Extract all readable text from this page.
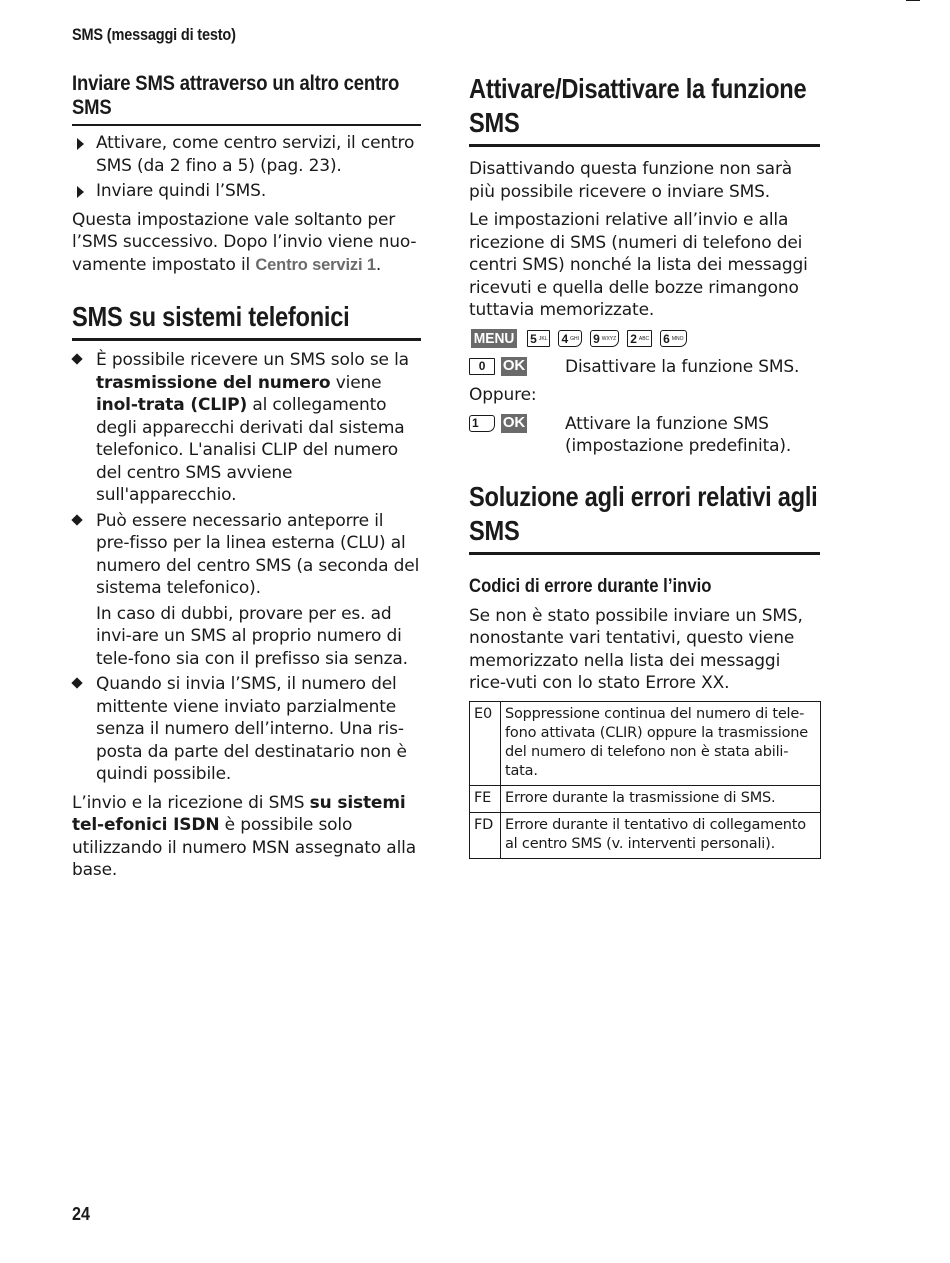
SMS (messaggi di testo)
Inviare SMS attraverso un altro centro SMS
Attivare, come centro servizi, il centro SMS (da 2 fino a 5) (pag. 23).
Inviare quindi l’SMS.

Questa impostazione vale soltanto per l’SMS successivo. Dopo l’invio viene nuo-vamente impostato il Centro servizi 1.

SMS su sistemi telefonici
È possibile ricevere un SMS solo se la trasmissione del numero viene inol-trata (CLIP) al collegamento degli apparecchi derivati dal sistema telefonico. L'analisi CLIP del numero del centro SMS avviene sull'apparecchio.
Può essere necessario anteporre il pre-fisso per la linea esterna (CLU) al numero del centro SMS (a seconda del sistema telefonico).
In caso di dubbi, provare per es. ad invi-are un SMS al proprio numero di tele-fono sia con il prefisso sia senza.
Quando si invia l’SMS, il numero del mittente viene inviato parzialmente senza il numero dell’interno. Una ris-posta da parte del destinatario non è quindi possibile.

L’invio e la ricezione di SMS su sistemi tel-efonici ISDN è possibile solo utilizzando il numero MSN assegnato alla base.

Attivare/Disattivare la funzione SMS

Disattivando questa funzione non sarà più possibile ricevere o inviare SMS.

Le impostazioni relative all’invio e alla ricezione di SMS (numeri di telefono dei centri SMS) nonché la lista dei messaggi ricevuti e quella delle bozze rimangono tuttavia memorizzate.

MENU 5 JKL 4 GHI 9 WXYZ 2 ABC 6 MNO
0	OK Disattivare la funzione SMS.

Oppure:

1	OK Attivare la funzione SMS (impostazione predefinita).
Soluzione agli errori relativi agli SMS
Codici di errore durante l’invio

Se non è stato possibile inviare un SMS, nonostante vari tentativi, questo viene memorizzato nella lista dei messaggi rice-vuti con lo stato Errore XX.

E0	Soppressione continua del numero di tele-fono attivata (CLIR) oppure la trasmissione del numero di telefono non è stata abili-tata.
FE	Errore durante la trasmissione di SMS.
FD	Errore durante il tentativo di collegamento al centro SMS (v. interventi personali).
24
